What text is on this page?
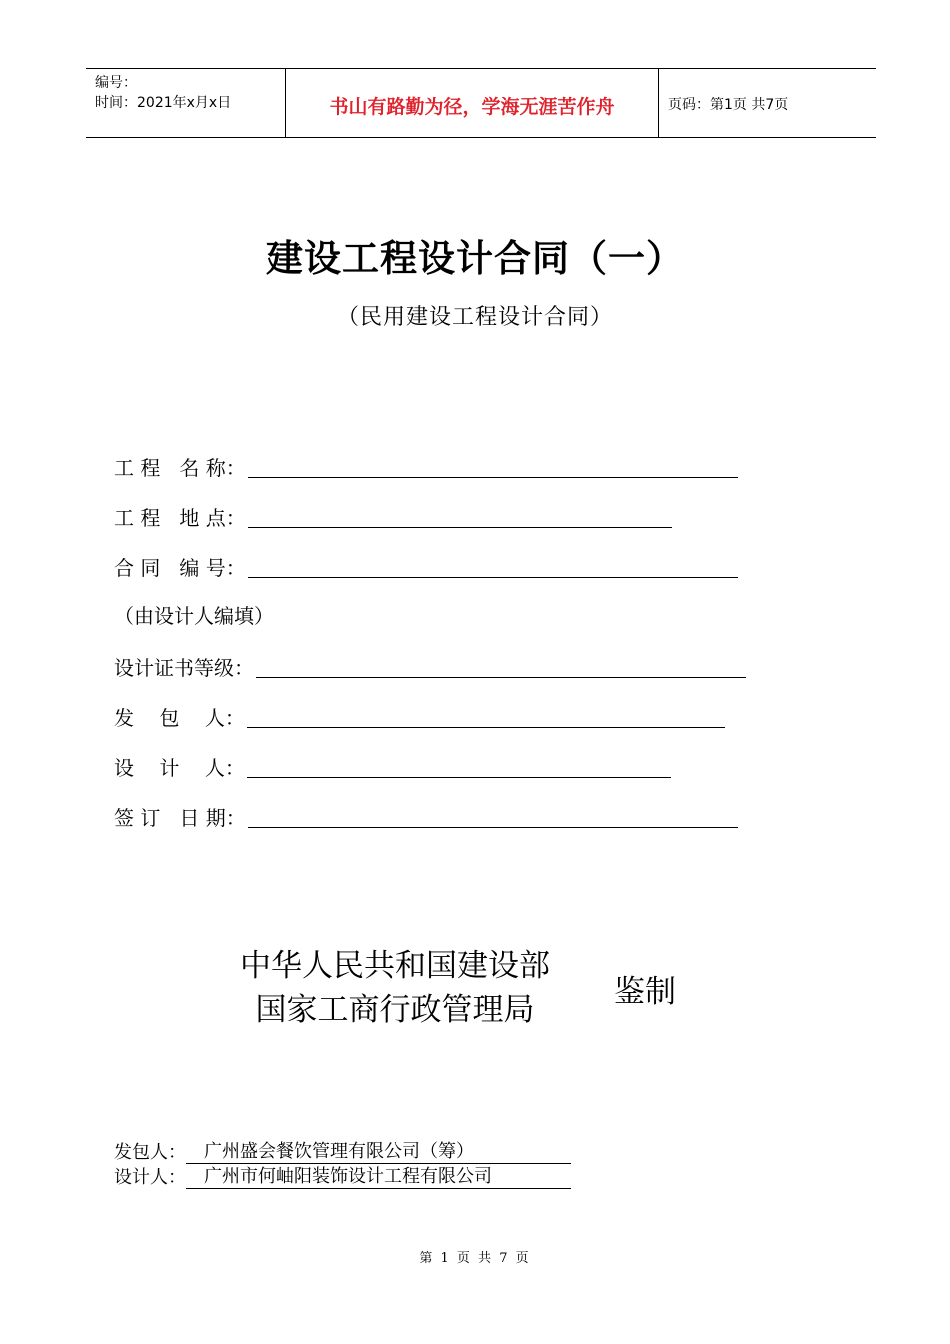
编号：
时间：2021年x月x日	书山有路勤为径，学海无涯苦作舟	页码：第1页 共7页
建设工程设计合同（一）
（民用建设工程设计合同）
工 程   名 称：
工 程   地 点：
合 同   编 号：
（由设计人编填）
设计证书等级：
发    包    人：
设    计    人：
签 订   日 期：
中华人民共和国建设部
国家工商行政管理局	鉴制
发包人：	广州盛会餐饮管理有限公司（筹）
设计人：	广州市何岫阳装饰设计工程有限公司
第 1 页 共 7 页
